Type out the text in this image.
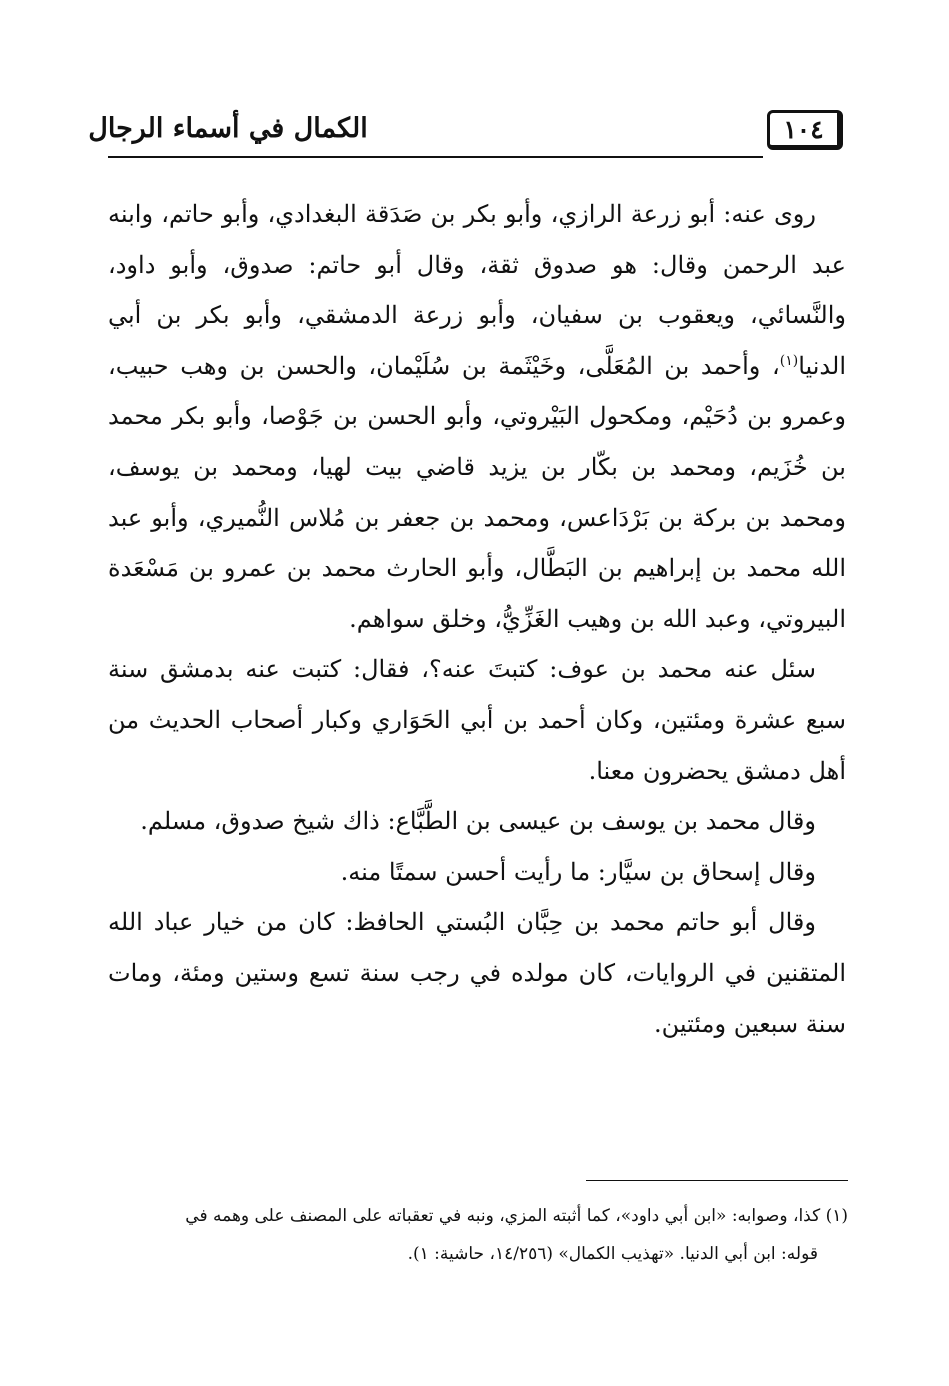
١٠٤
الكمال في أسماء الرجال

روى عنه: أبو زرعة الرازي، وأبو بكر بن صَدَقة البغدادي، وأبو حاتم، وابنه عبد الرحمن وقال: هو صدوق ثقة، وقال أبو حاتم: صدوق، وأبو داود، والنَّسائي، ويعقوب بن سفيان، وأبو زرعة الدمشقي، وأبو بكر بن أبي الدنيا$^{(١)}$، وأحمد بن المُعَلَّى، وخَيْثَمة بن سُلَيْمان، والحسن بن وهب حبيب، وعمرو بن دُحَيْم، ومكحول البَيْروتي، وأبو الحسن بن جَوْصا، وأبو بكر محمد بن خُزَيم، ومحمد بن بكّار بن يزيد قاضي بيت لهيا، ومحمد بن يوسف، ومحمد بن بركة بن بَرْدَاعس، ومحمد بن جعفر بن مُلاس النُّميري، وأبو عبد الله محمد بن إبراهيم بن البَطَّال، وأبو الحارث محمد بن عمرو بن مَسْعَدة البيروتي، وعبد الله بن وهيب الغَزِّيُّ، وخلق سواهم.

سئل عنه محمد بن عوف: كتبتَ عنه؟، فقال: كتبت عنه بدمشق سنة سبع عشرة ومئتين، وكان أحمد بن أبي الحَوَاري وكبار أصحاب الحديث من أهل دمشق يحضرون معنا.

وقال محمد بن يوسف بن عيسى بن الطَّبَّاع: ذاك شيخ صدوق، مسلم.

وقال إسحاق بن سيَّار: ما رأيت أحسن سمتًا منه.

وقال أبو حاتم محمد بن حِبَّان البُستي الحافظ: كان من خيار عباد الله المتقنين في الروايات، كان مولده في رجب سنة تسع وستين ومئة، ومات سنة سبعين ومئتين.

(١) كذا، وصوابه: «ابن أبي داود»، كما أثبته المزي، ونبه في تعقباته على المصنف على وهمه في

قوله: ابن أبي الدنيا. «تهذيب الكمال» (١٤/٢٥٦، حاشية: ١).
